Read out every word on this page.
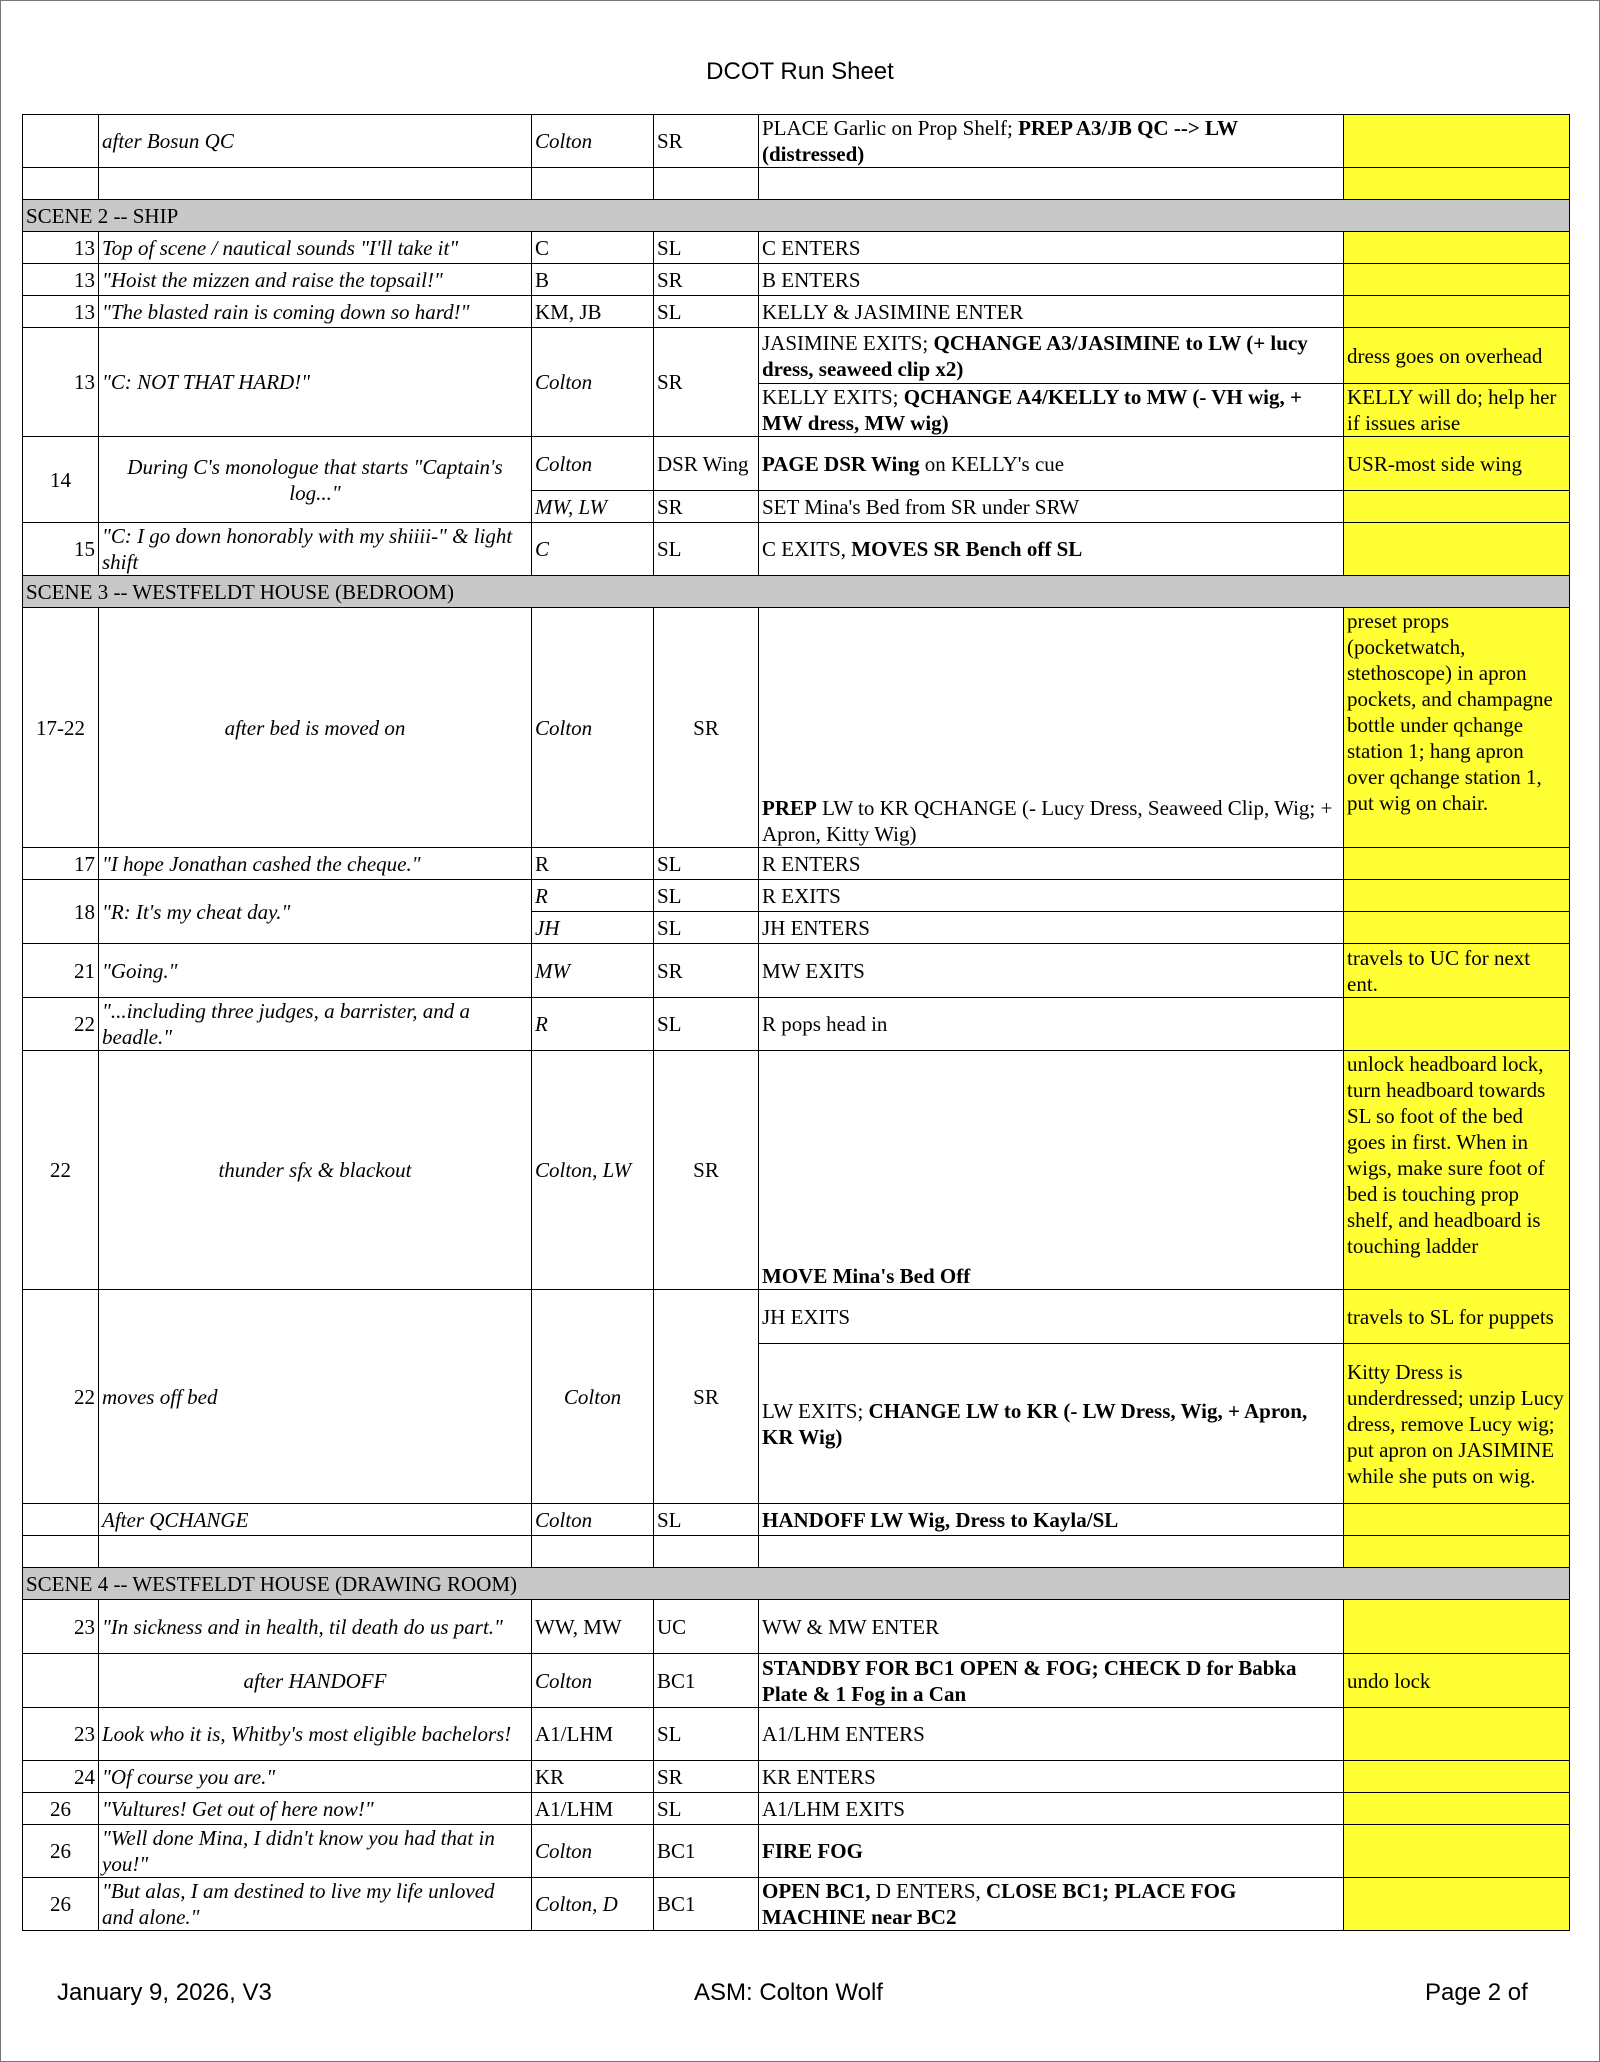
DCOT Run Sheet
	after Bosun QC	Colton	SR	PLACE Garlic on Prop Shelf; PREP A3/JB QC --> LW (distressed)	

SCENE 2 -- SHIP					
13	Top of scene / nautical sounds "I'll take it"	C	SL	C ENTERS	
13	"Hoist the mizzen and raise the topsail!"	B	SR	B ENTERS	
13	"The blasted rain is coming down so hard!"	KM, JB	SL	KELLY & JASIMINE ENTER	
13	"C: NOT THAT HARD!"	Colton	SR	JASIMINE EXITS; QCHANGE A3/JASIMINE to LW (+ lucy dress, seaweed clip x2)	dress goes on overhead
				KELLY EXITS; QCHANGE A4/KELLY to MW (- VH wig, + MW dress, MW wig)	KELLY will do; help her if issues arise
14	During C's monologue that starts "Captain's log..."	Colton	DSR Wing	PAGE DSR Wing on KELLY's cue	USR-most side wing
		MW, LW	SR	SET Mina's Bed from SR under SRW	
15	"C: I go down honorably with my shiiii-" & light shift	C	SL	C EXITS, MOVES SR Bench off SL	
SCENE 3 -- WESTFELDT HOUSE (BEDROOM)					
17-22	after bed is moved on	Colton	SR	PREP LW to KR QCHANGE (- Lucy Dress, Seaweed Clip, Wig; + Apron, Kitty Wig)	preset props (pocketwatch, stethoscope) in apron pockets, and champagne bottle under qchange station 1; hang apron over qchange station 1, put wig on chair.
17	"I hope Jonathan cashed the cheque."	R	SL	R ENTERS	
18	"R: It's my cheat day."	R	SL	R EXITS	
		JH	SL	JH ENTERS	
21	"Going."	MW	SR	MW EXITS	travels to UC for next ent.
22	"...including three judges, a barrister, and a beadle."	R	SL	R pops head in	
22	thunder sfx & blackout	Colton, LW	SR	MOVE Mina's Bed Off	unlock headboard lock, turn headboard towards SL so foot of the bed goes in first. When in wigs, make sure foot of bed is touching prop shelf, and headboard is touching ladder
22	moves off bed	Colton	SR	JH EXITS	travels to SL for puppets
				LW EXITS; CHANGE LW to KR (- LW Dress, Wig, + Apron, KR Wig)	Kitty Dress is underdressed; unzip Lucy dress, remove Lucy wig; put apron on JASIMINE while she puts on wig.
	After QCHANGE	Colton	SL	HANDOFF LW Wig, Dress to Kayla/SL	

SCENE 4 -- WESTFELDT HOUSE (DRAWING ROOM)					
23	"In sickness and in health, til death do us part."	WW, MW	UC	WW & MW ENTER	
	after HANDOFF	Colton	BC1	STANDBY FOR BC1 OPEN & FOG; CHECK D for Babka Plate & 1 Fog in a Can	undo lock
23	Look who it is, Whitby's most eligible bachelors!	A1/LHM	SL	A1/LHM ENTERS	
24	"Of course you are."	KR	SR	KR ENTERS	
26	"Vultures! Get out of here now!"	A1/LHM	SL	A1/LHM EXITS	
26	"Well done Mina, I didn't know you had that in you!"	Colton	BC1	FIRE FOG	
26	"But alas, I am destined to live my life unloved and alone."	Colton, D	BC1	OPEN BC1, D ENTERS, CLOSE BC1; PLACE FOG MACHINE near BC2	
January 9, 2026, V3	ASM: Colton Wolf	Page 2 of
